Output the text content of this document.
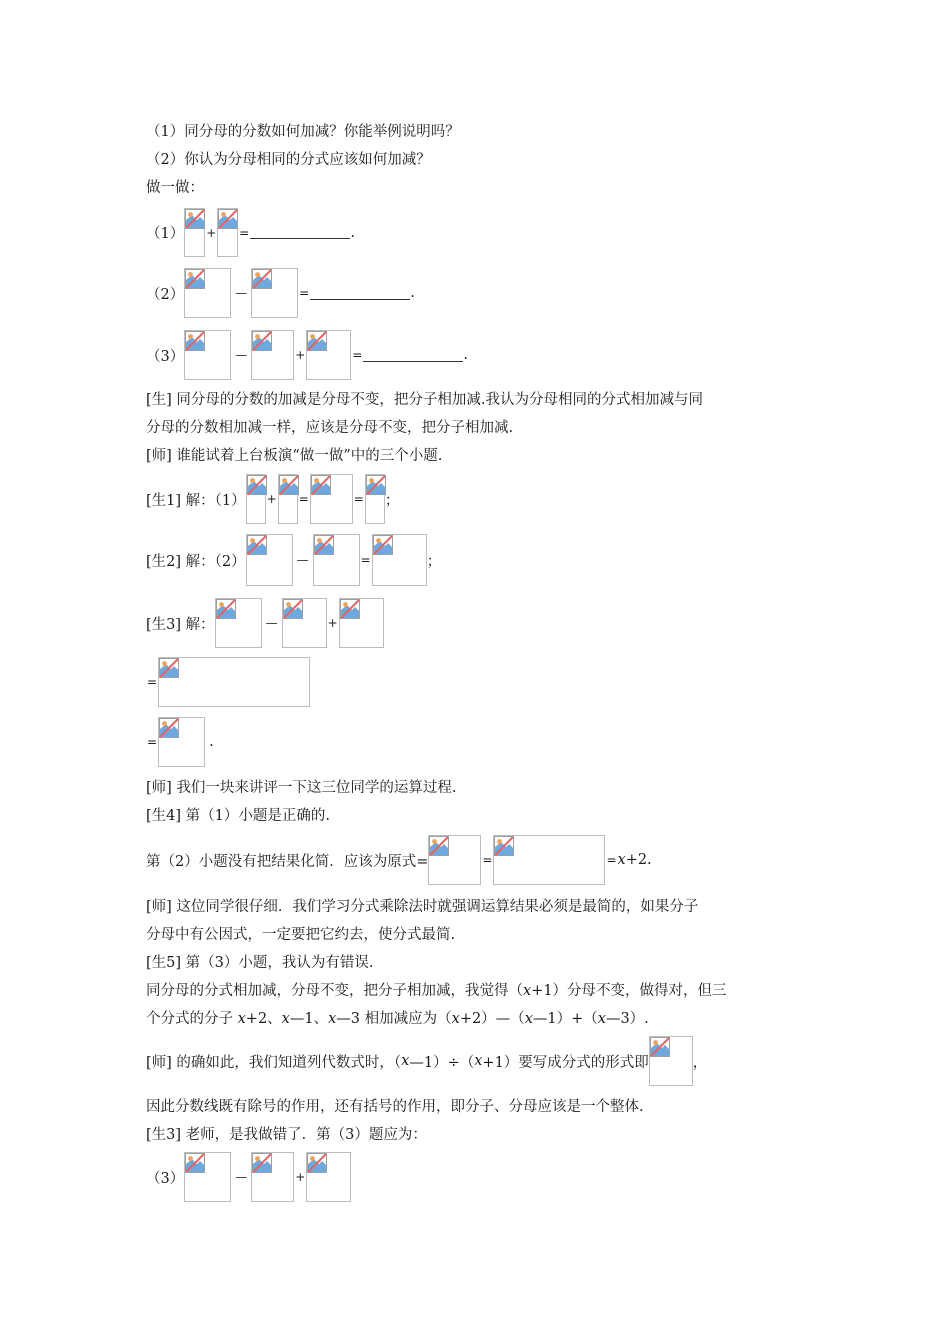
（1）同分母的分数如何加减？你能举例说明吗？
（2）你认为分母相同的分式应该如何加减？
做一做：
（1） + =	.
（2）	—	=	.
（3）	—	+	=	.
[生] 同分母的分数的加减是分母不变，把分子相加减.我认为分母相同的分式相加减与同
分母的分数相加减一样，应该是分母不变，把分子相加减.
[师] 谁能试着上台板演“做一做”中的三个小题.
[生1] 解：（1） + =	= ；
[生2] 解：（2）	—	=	；
[生3] 解：	—	+
=
=	.
[师] 我们一块来讲评一下这三位同学的运算过程.
[生4] 第（1）小题是正确的.
第（2）小题没有把结果化简．应该为原式=	=	= x+2.
[师] 这位同学很仔细．我们学习分式乘除法时就强调运算结果必须是最简的，如果分子
分母中有公因式，一定要把它约去，使分式最简.
[生5] 第（3）小题，我认为有错误.
同分母的分式相加减，分母不变，把分子相加减，我觉得（x+1）分母不变，做得对，但三
个分式的分子 x+2、x—1、x—3 相加减应为（x+2）—（x—1）+（x—3）.
[师] 的确如此，我们知道列代数式时，（ x —1）÷（ x +1）要写成分式的形式即	，
因此分数线既有除号的作用，还有括号的作用，即分子、分母应该是一个整体.
[生3] 老师，是我做错了．第（3）题应为：
（3）	—	+
